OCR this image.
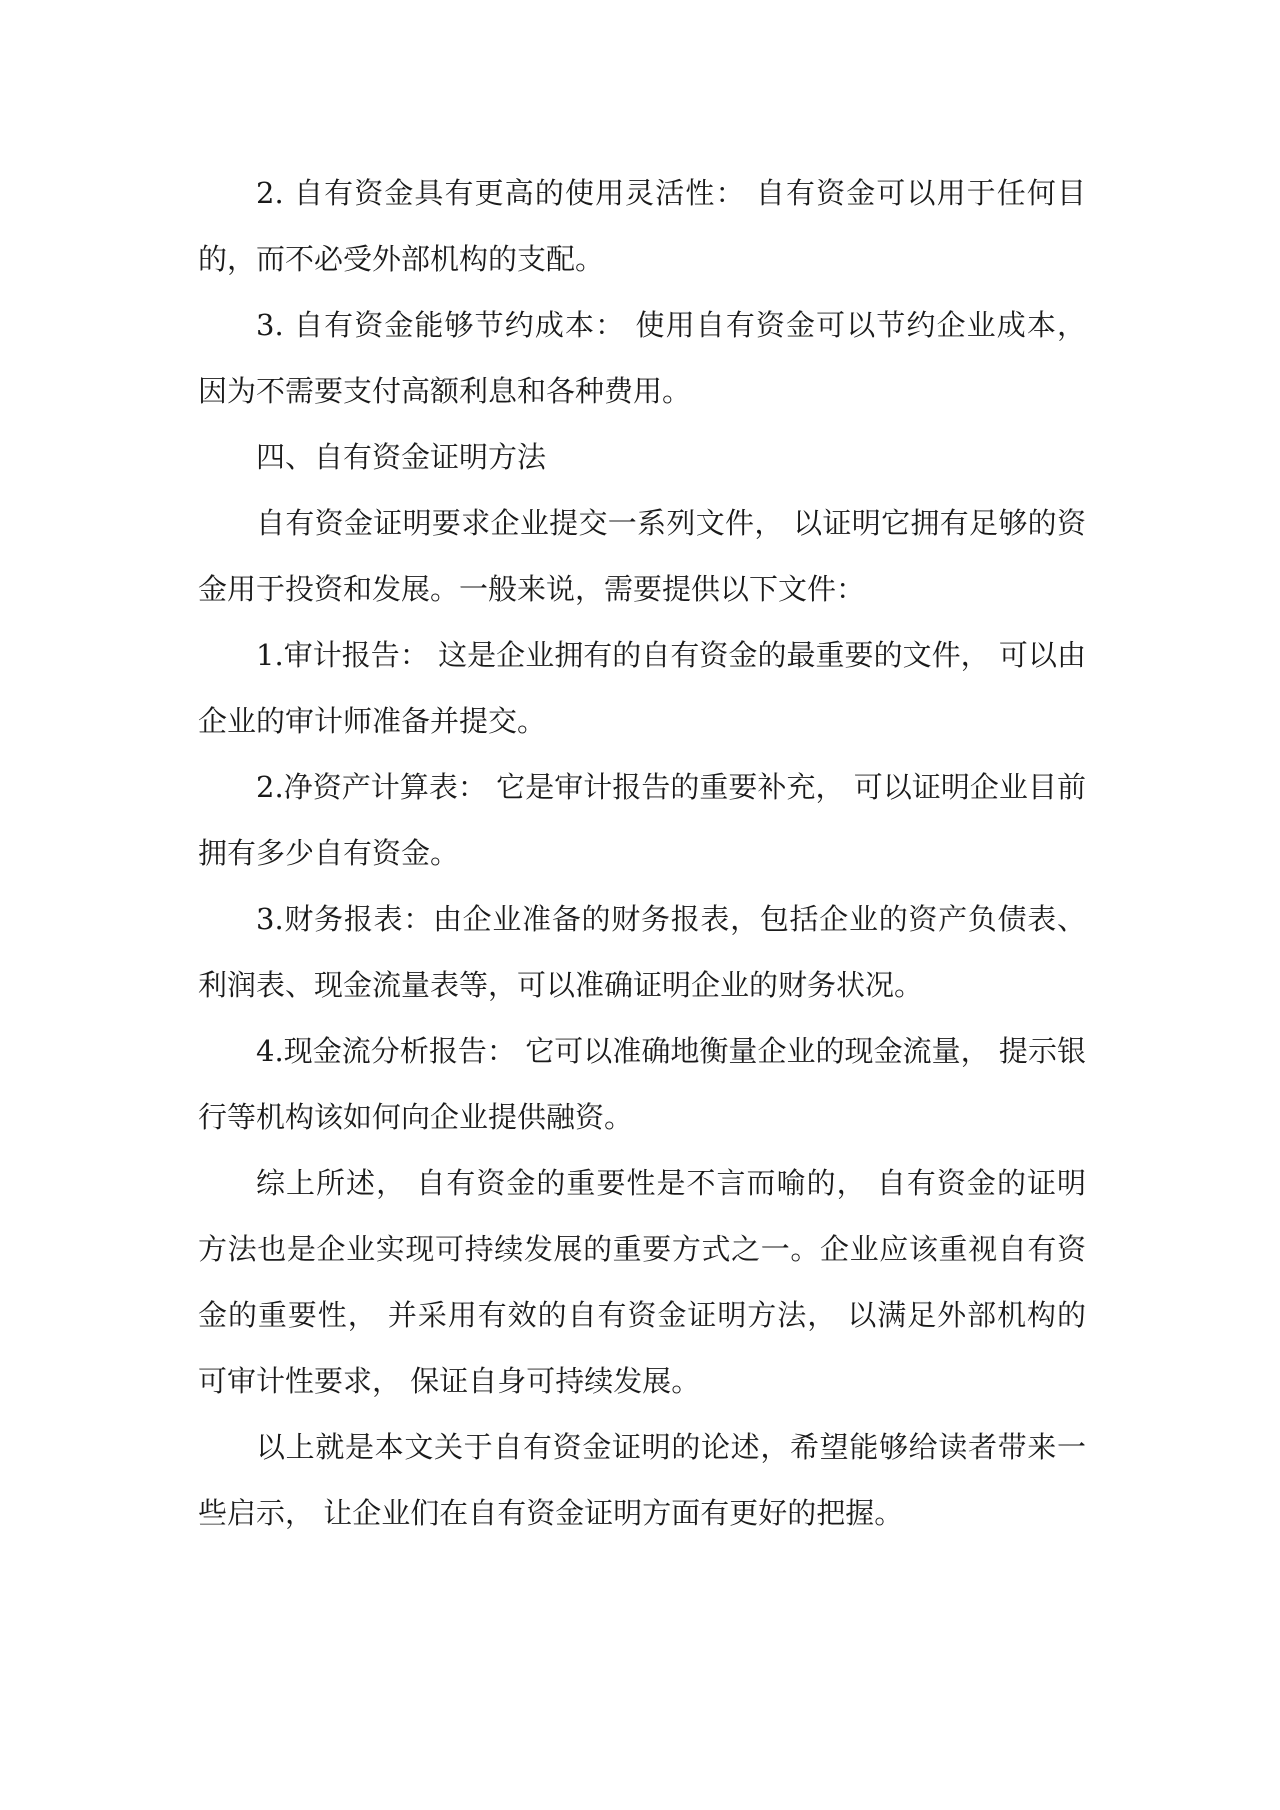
2. 自有资金具有更高的使用灵活性： 自有资金可以用于任何目的，而不必受外部机构的支配。

3. 自有资金能够节约成本： 使用自有资金可以节约企业成本， 因为不需要支付高额利息和各种费用。

四、自有资金证明方法

自有资金证明要求企业提交一系列文件， 以证明它拥有足够的资金用于投资和发展。一般来说，需要提供以下文件：

1.审计报告： 这是企业拥有的自有资金的最重要的文件， 可以由企业的审计师准备并提交。

2.净资产计算表： 它是审计报告的重要补充， 可以证明企业目前拥有多少自有资金。

3.财务报表：由企业准备的财务报表，包括企业的资产负债表、利润表、现金流量表等，可以准确证明企业的财务状况。

4.现金流分析报告： 它可以准确地衡量企业的现金流量， 提示银行等机构该如何向企业提供融资。

综上所述， 自有资金的重要性是不言而喻的， 自有资金的证明方法也是企业实现可持续发展的重要方式之一。企业应该重视自有资金的重要性， 并采用有效的自有资金证明方法， 以满足外部机构的可审计性要求， 保证自身可持续发展。

以上就是本文关于自有资金证明的论述，希望能够给读者带来一些启示， 让企业们在自有资金证明方面有更好的把握。
